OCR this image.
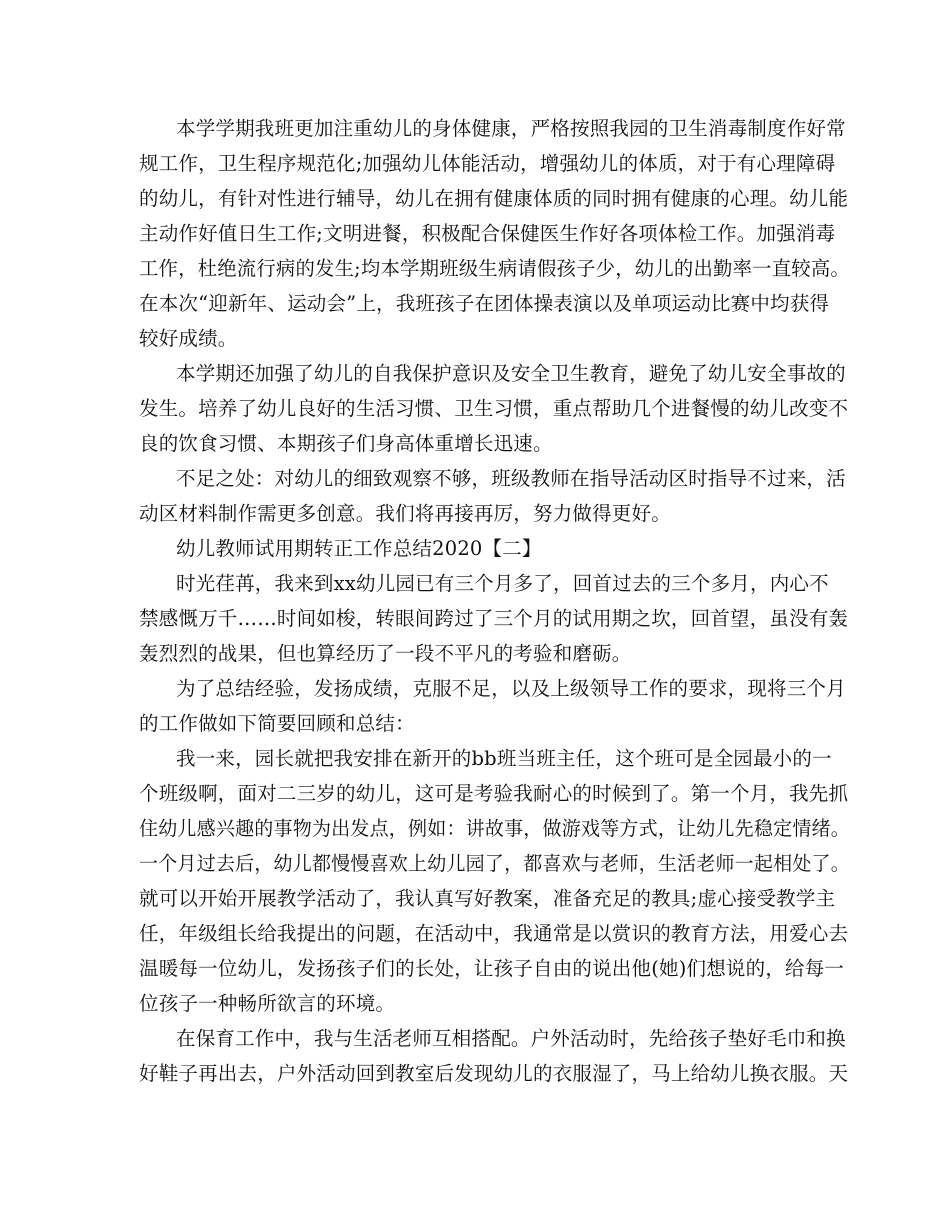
本学学期我班更加注重幼儿的身体健康，严格按照我园的卫生消毒制度作好常
规工作，卫生程序规范化;加强幼儿体能活动，增强幼儿的体质，对于有心理障碍
的幼儿，有针对性进行辅导，幼儿在拥有健康体质的同时拥有健康的心理。幼儿能
主动作好值日生工作;文明进餐，积极配合保健医生作好各项体检工作。加强消毒
工作，杜绝流行病的发生;均本学期班级生病请假孩子少，幼儿的出勤率一直较高。
在本次“迎新年、运动会”上，我班孩子在团体操表演以及单项运动比赛中均获得
较好成绩。
本学期还加强了幼儿的自我保护意识及安全卫生教育，避免了幼儿安全事故的
发生。培养了幼儿良好的生活习惯、卫生习惯，重点帮助几个进餐慢的幼儿改变不
良的饮食习惯、本期孩子们身高体重增长迅速。
不足之处：对幼儿的细致观察不够，班级教师在指导活动区时指导不过来，活
动区材料制作需更多创意。我们将再接再厉，努力做得更好。
幼儿教师试用期转正工作总结2020【二】
时光荏苒，我来到xx幼儿园已有三个月多了，回首过去的三个多月，内心不
禁感慨万千……时间如梭，转眼间跨过了三个月的试用期之坎，回首望，虽没有轰
轰烈烈的战果，但也算经历了一段不平凡的考验和磨砺。
为了总结经验，发扬成绩，克服不足，以及上级领导工作的要求，现将三个月
的工作做如下简要回顾和总结：
我一来，园长就把我安排在新开的bb班当班主任，这个班可是全园最小的一
个班级啊，面对二三岁的幼儿，这可是考验我耐心的时候到了。第一个月，我先抓
住幼儿感兴趣的事物为出发点，例如：讲故事，做游戏等方式，让幼儿先稳定情绪。
一个月过去后，幼儿都慢慢喜欢上幼儿园了，都喜欢与老师，生活老师一起相处了。
就可以开始开展教学活动了，我认真写好教案，准备充足的教具;虚心接受教学主
任，年级组长给我提出的问题，在活动中，我通常是以赏识的教育方法，用爱心去
温暖每一位幼儿，发扬孩子们的长处，让孩子自由的说出他(她)们想说的，给每一
位孩子一种畅所欲言的环境。
在保育工作中，我与生活老师互相搭配。户外活动时，先给孩子垫好毛巾和换
好鞋子再出去，户外活动回到教室后发现幼儿的衣服湿了，马上给幼儿换衣服。天
